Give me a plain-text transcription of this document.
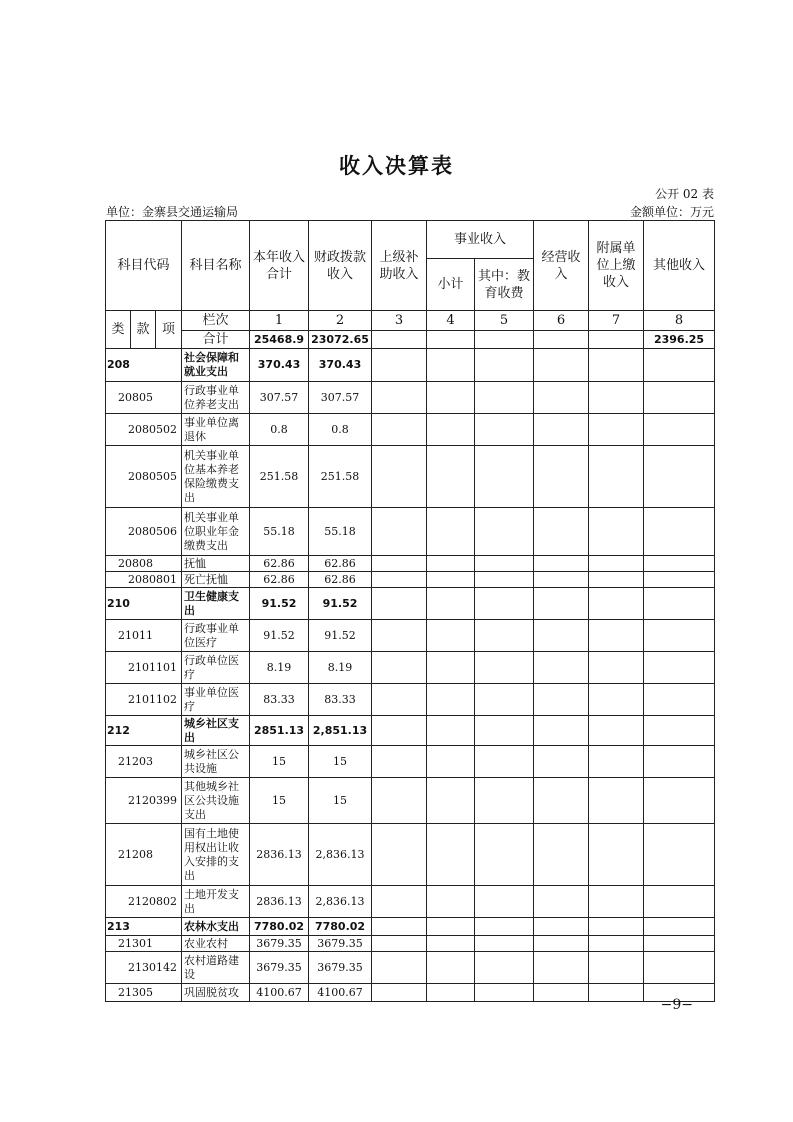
收入决算表
公开 02 表
单位：金寨县交通运输局	金额单位：万元
科目代码			科目名称	本年收入合计	财政拨款收入	上级补助收入	事业收入		经营收入	附属单位上缴收入	其他收入
							小计	其中：教育收费			
类	款	项	栏次	1	2	3	4	5	6	7	8
			合计	25468.9	23072.65						2396.25
208			社会保障和就业支出	370.43	370.43						
20805			行政事业单位养老支出	307.57	307.57						
2080502			事业单位离退休	0.8	0.8						
2080505			机关事业单位基本养老保险缴费支出	251.58	251.58						
2080506			机关事业单位职业年金缴费支出	55.18	55.18						
20808			抚恤	62.86	62.86						
2080801			死亡抚恤	62.86	62.86						
210			卫生健康支出	91.52	91.52						
21011			行政事业单位医疗	91.52	91.52						
2101101			行政单位医疗	8.19	8.19						
2101102			事业单位医疗	83.33	83.33						
212			城乡社区支出	2851.13	2,851.13						
21203			城乡社区公共设施	15	15						
2120399			其他城乡社区公共设施支出	15	15						
21208			国有土地使用权出让收入安排的支出	2836.13	2,836.13						
2120802			土地开发支出	2836.13	2,836.13						
213			农林水支出	7780.02	7780.02						
21301			农业农村	3679.35	3679.35						
2130142			农村道路建设	3679.35	3679.35						
21305			巩固脱贫攻	4100.67	4100.67						
−9−
